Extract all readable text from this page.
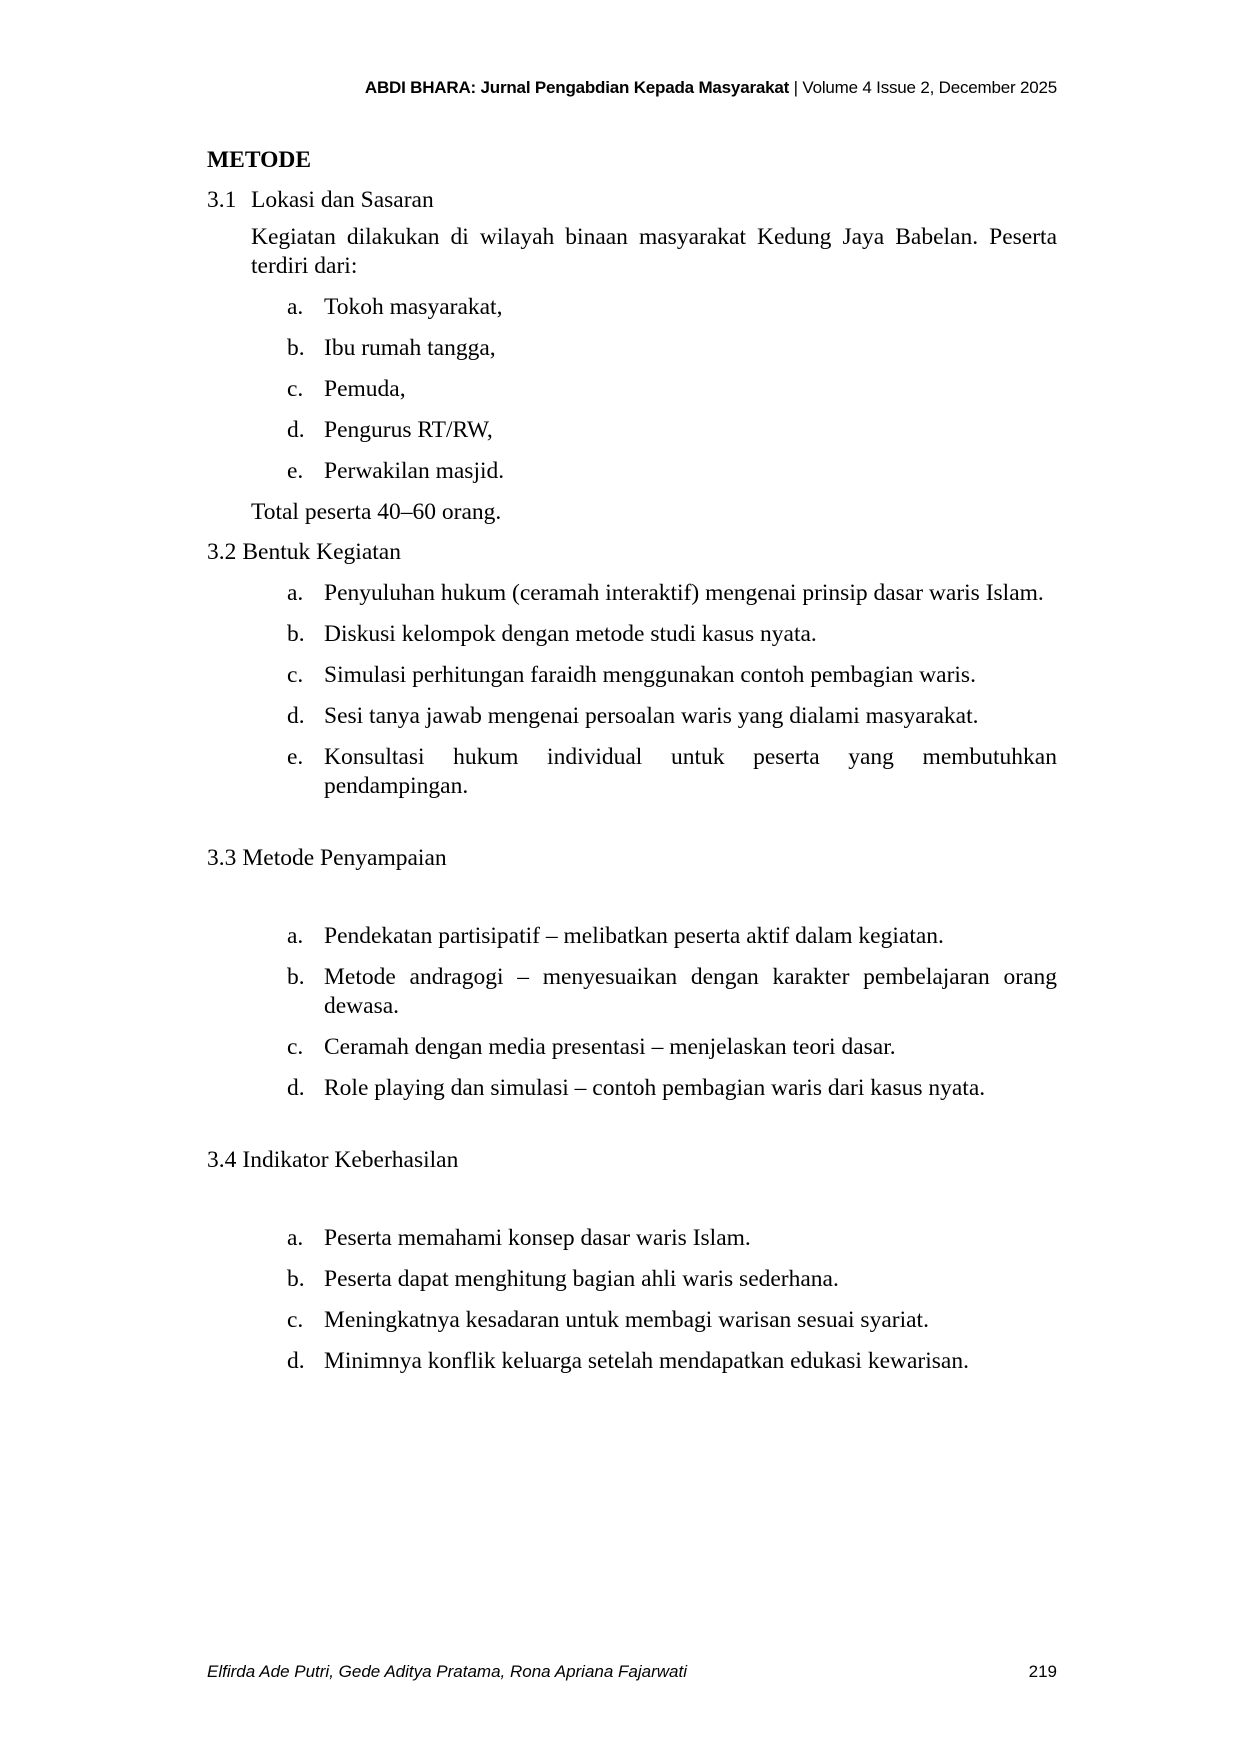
ABDI BHARA: Jurnal Pengabdian Kepada Masyarakat | Volume 4 Issue 2, December 2025
METODE

3.1 Lokasi dan Sasaran

Kegiatan dilakukan di wilayah binaan masyarakat Kedung Jaya Babelan. Peserta terdiri dari:

a. Tokoh masyarakat,
b. Ibu rumah tangga,
c. Pemuda,
d. Pengurus RT/RW,
e. Perwakilan masjid.

Total peserta 40–60 orang.

3.2 Bentuk Kegiatan

a. Penyuluhan hukum (ceramah interaktif) mengenai prinsip dasar waris Islam.
b. Diskusi kelompok dengan metode studi kasus nyata.
c. Simulasi perhitungan faraidh menggunakan contoh pembagian waris.
d. Sesi tanya jawab mengenai persoalan waris yang dialami masyarakat.
e. Konsultasi hukum individual untuk peserta yang membutuhkan pendampingan.

3.3 Metode Penyampaian

a. Pendekatan partisipatif – melibatkan peserta aktif dalam kegiatan.
b. Metode andragogi – menyesuaikan dengan karakter pembelajaran orang dewasa.
c. Ceramah dengan media presentasi – menjelaskan teori dasar.
d. Role playing dan simulasi – contoh pembagian waris dari kasus nyata.

3.4 Indikator Keberhasilan

a. Peserta memahami konsep dasar waris Islam.
b. Peserta dapat menghitung bagian ahli waris sederhana.
c. Meningkatnya kesadaran untuk membagi warisan sesuai syariat.
d. Minimnya konflik keluarga setelah mendapatkan edukasi kewarisan.
Elfirda Ade Putri, Gede Aditya Pratama, Rona Apriana Fajarwati	219
